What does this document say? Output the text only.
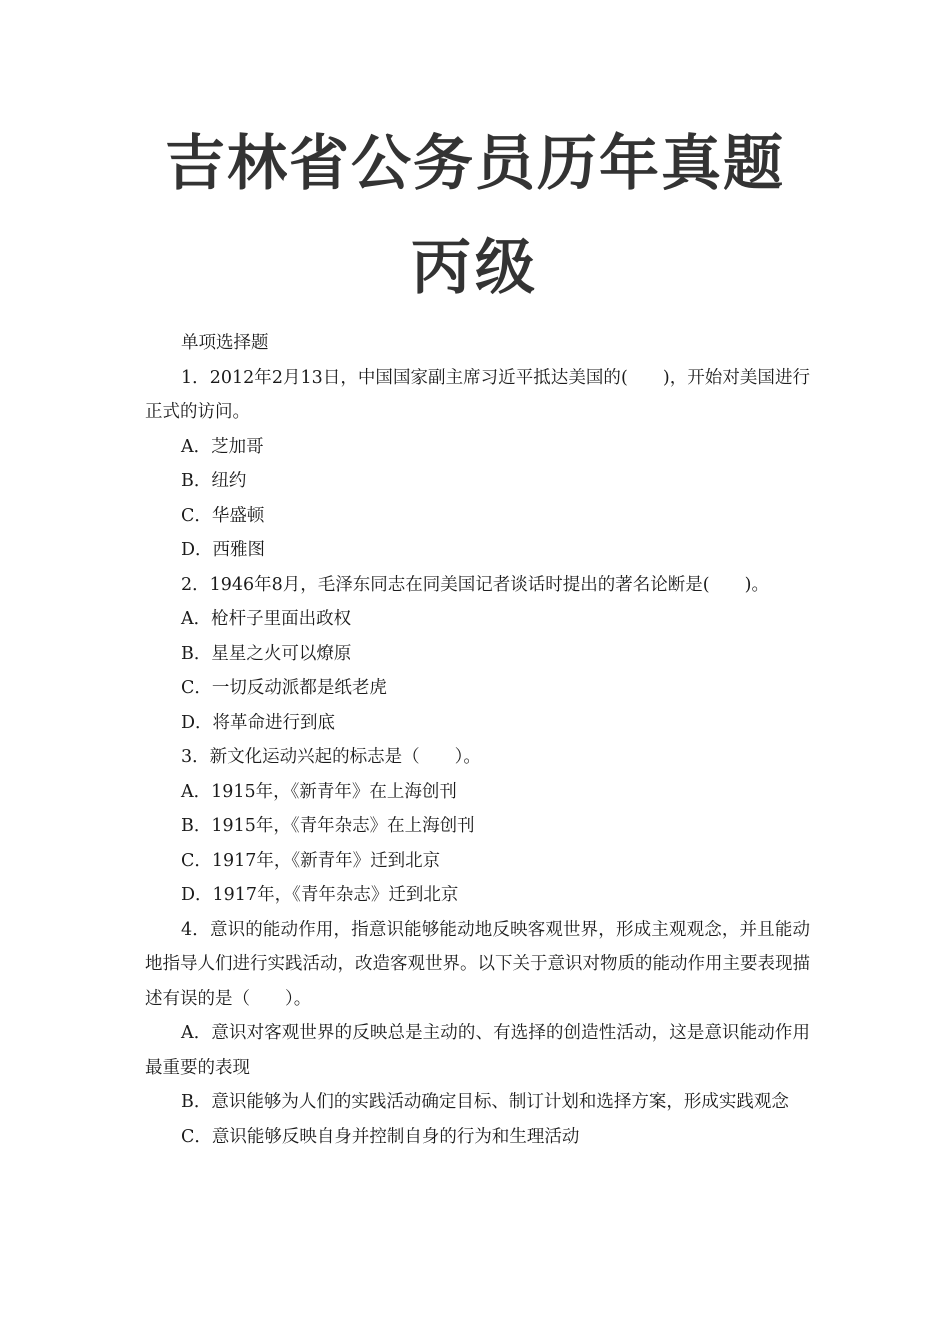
吉林省公务员历年真题
丙级

单项选择题

1．2012年2月13日，中国国家副主席习近平抵达美国的(　　)，开始对美国进行正式的访问。

A．芝加哥

B．纽约

C．华盛顿

D．西雅图

2．1946年8月，毛泽东同志在同美国记者谈话时提出的著名论断是(　　)。

A．枪杆子里面出政权

B．星星之火可以燎原

C．一切反动派都是纸老虎

D．将革命进行到底

3．新文化运动兴起的标志是（　　）。

A．1915年，《新青年》在上海创刊

B．1915年，《青年杂志》在上海创刊

C．1917年，《新青年》迁到北京

D．1917年，《青年杂志》迁到北京

4．意识的能动作用，指意识能够能动地反映客观世界，形成主观观念，并且能动地指导人们进行实践活动，改造客观世界。以下关于意识对物质的能动作用主要表现描述有误的是（　　）。

A．意识对客观世界的反映总是主动的、有选择的创造性活动，这是意识能动作用最重要的表现

B．意识能够为人们的实践活动确定目标、制订计划和选择方案，形成实践观念

C．意识能够反映自身并控制自身的行为和生理活动
